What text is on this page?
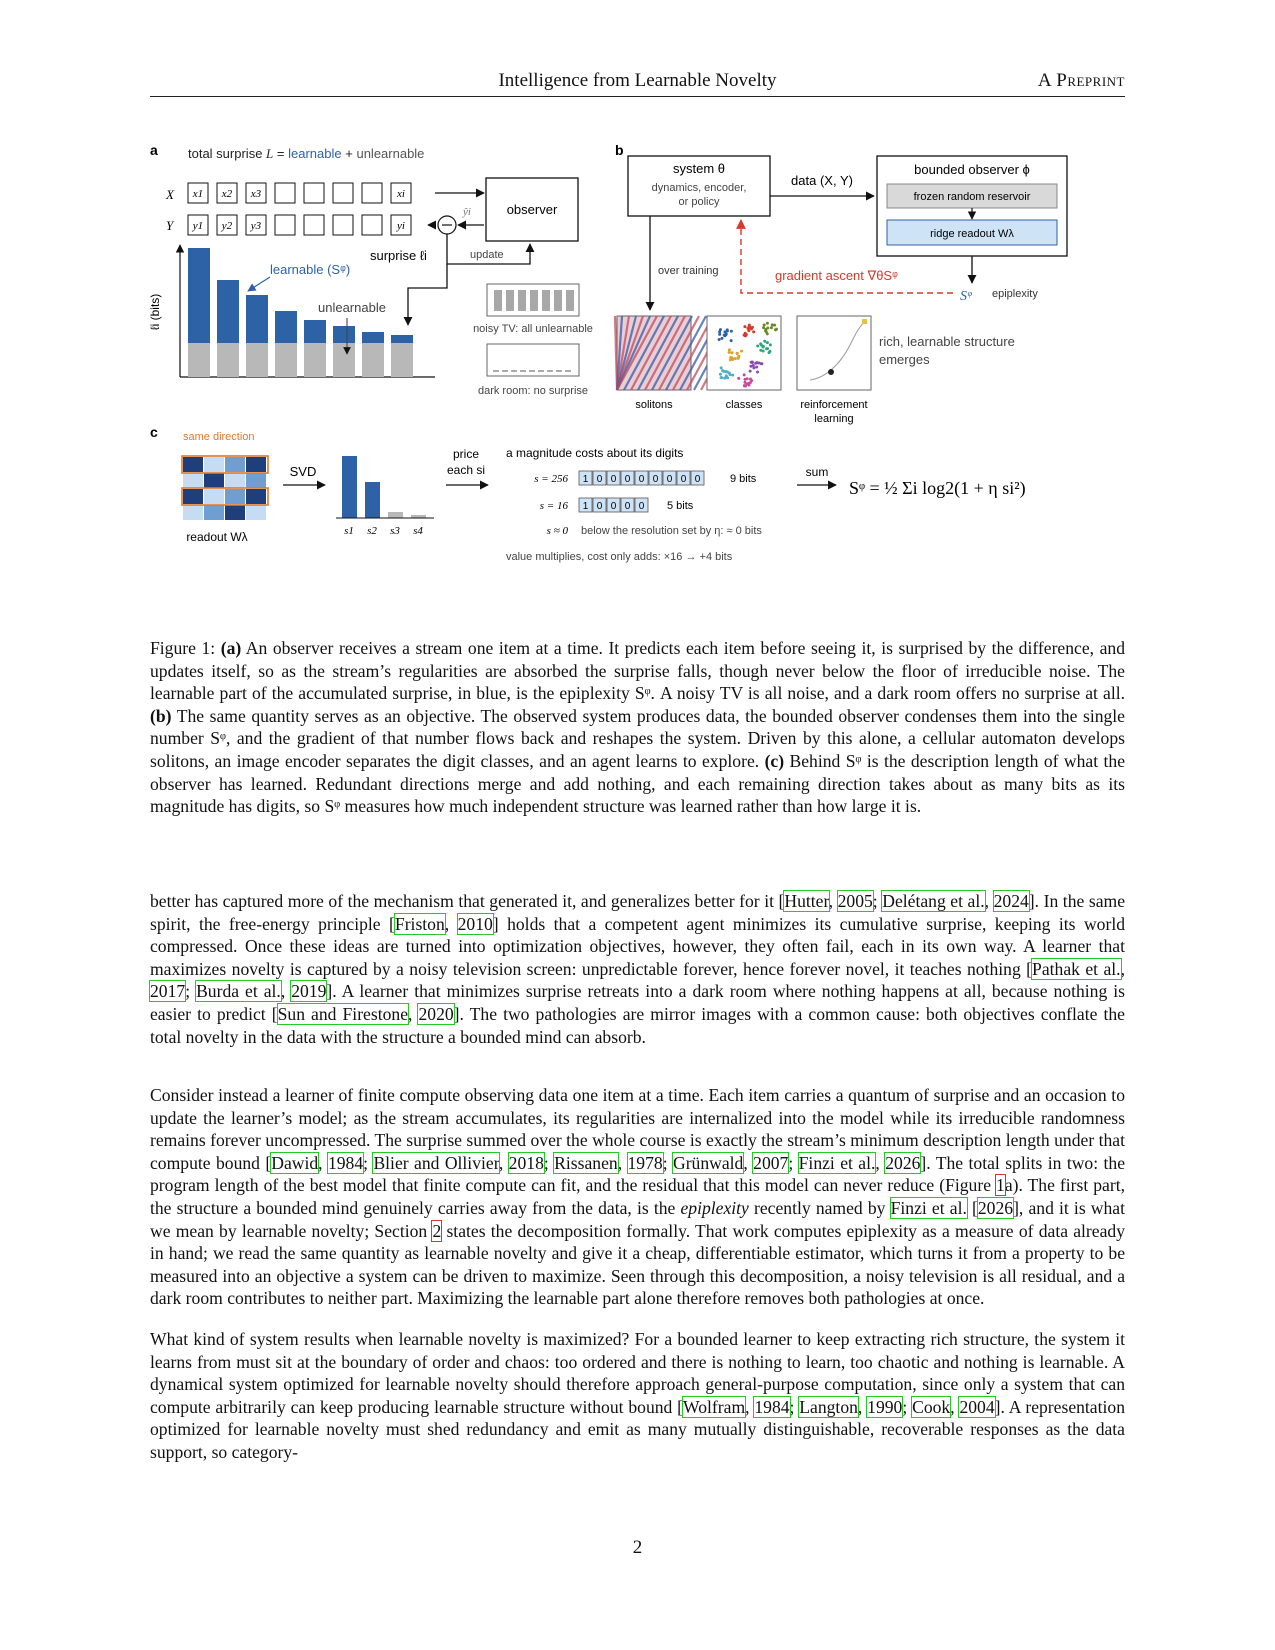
Intelligence from Learnable Novelty	A Preprint
a total surprise L = learnable + unlearnable
X
Y
x1 x2 x3	xi
y1 y2 y3	yi
ŷi	observer
update
surprise ℓi
ℓi (bits)
learnable (Sᵠ)
unlearnable
noisy TV: all unlearnable
dark room: no surprise
b
system θ
dynamics, encoder,
or policy
data (X, Y)
bounded observer ϕ
frozen random reservoir
ridge readout Wλ
Sᵠ epiplexity
gradient ascent ∇θSᵠ
over training
solitons	classes	reinforcement
learning
rich, learnable structure
emerges
c same direction
readout Wλ
SVD
s1 s2 s3 s4
price
each si
a magnitude costs about its digits
s = 256 1 0 0 0 0 0 0 0 0	9 bits
s = 16 1 0 0 0 0 5 bits
s ≈ 0 below the resolution set by η: ≈ 0 bits
value multiplies, cost only adds: ×16 → +4 bits
sum
Sᵠ = ½ Σi log2(1 + η si²)
Figure 1: (a) An observer receives a stream one item at a time. It predicts each item before seeing it, is surprised by the difference, and updates itself, so as the stream’s regularities are absorbed the surprise falls, though never below the floor of irreducible noise. The learnable part of the accumulated surprise, in blue, is the epiplexity Sᵠ. A noisy TV is all noise, and a dark room offers no surprise at all. (b) The same quantity serves as an objective. The observed system produces data, the bounded observer condenses them into the single number Sᵠ, and the gradient of that number flows back and reshapes the system. Driven by this alone, a cellular automaton develops solitons, an image encoder separates the digit classes, and an agent learns to explore. (c) Behind Sᵠ is the description length of what the observer has learned. Redundant directions merge and add nothing, and each remaining direction takes about as many bits as its magnitude has digits, so Sᵠ measures how much independent structure was learned rather than how large it is.

better has captured more of the mechanism that generated it, and generalizes better for it [Hutter, 2005; Delétang et al., 2024]. In the same spirit, the free-energy principle [Friston, 2010] holds that a competent agent minimizes its cumulative surprise, keeping its world compressed. Once these ideas are turned into optimization objectives, however, they often fail, each in its own way. A learner that maximizes novelty is captured by a noisy television screen: unpredictable forever, hence forever novel, it teaches nothing [Pathak et al., 2017; Burda et al., 2019]. A learner that minimizes surprise retreats into a dark room where nothing happens at all, because nothing is easier to predict [Sun and Firestone, 2020]. The two pathologies are mirror images with a common cause: both objectives conflate the total novelty in the data with the structure a bounded mind can absorb.

Consider instead a learner of finite compute observing data one item at a time. Each item carries a quantum of surprise and an occasion to update the learner’s model; as the stream accumulates, its regularities are internalized into the model while its irreducible randomness remains forever uncompressed. The surprise summed over the whole course is exactly the stream’s minimum description length under that compute bound [Dawid, 1984; Blier and Ollivier, 2018; Rissanen, 1978; Grünwald, 2007; Finzi et al., 2026]. The total splits in two: the program length of the best model that finite compute can fit, and the residual that this model can never reduce (Figure 1a). The first part, the structure a bounded mind genuinely carries away from the data, is the epiplexity recently named by Finzi et al. [2026], and it is what we mean by learnable novelty; Section 2 states the decomposition formally. That work computes epiplexity as a measure of data already in hand; we read the same quantity as learnable novelty and give it a cheap, differentiable estimator, which turns it from a property to be measured into an objective a system can be driven to maximize. Seen through this decomposition, a noisy television is all residual, and a dark room contributes to neither part. Maximizing the learnable part alone therefore removes both pathologies at once.

What kind of system results when learnable novelty is maximized? For a bounded learner to keep extracting rich structure, the system it learns from must sit at the boundary of order and chaos: too ordered and there is nothing to learn, too chaotic and nothing is learnable. A dynamical system optimized for learnable novelty should therefore approach general-purpose computation, since only a system that can compute arbitrarily can keep producing learnable structure without bound [Wolfram, 1984; Langton, 1990; Cook, 2004]. A representation optimized for learnable novelty must shed redundancy and emit as many mutually distinguishable, recoverable responses as the data support, so category-

2
